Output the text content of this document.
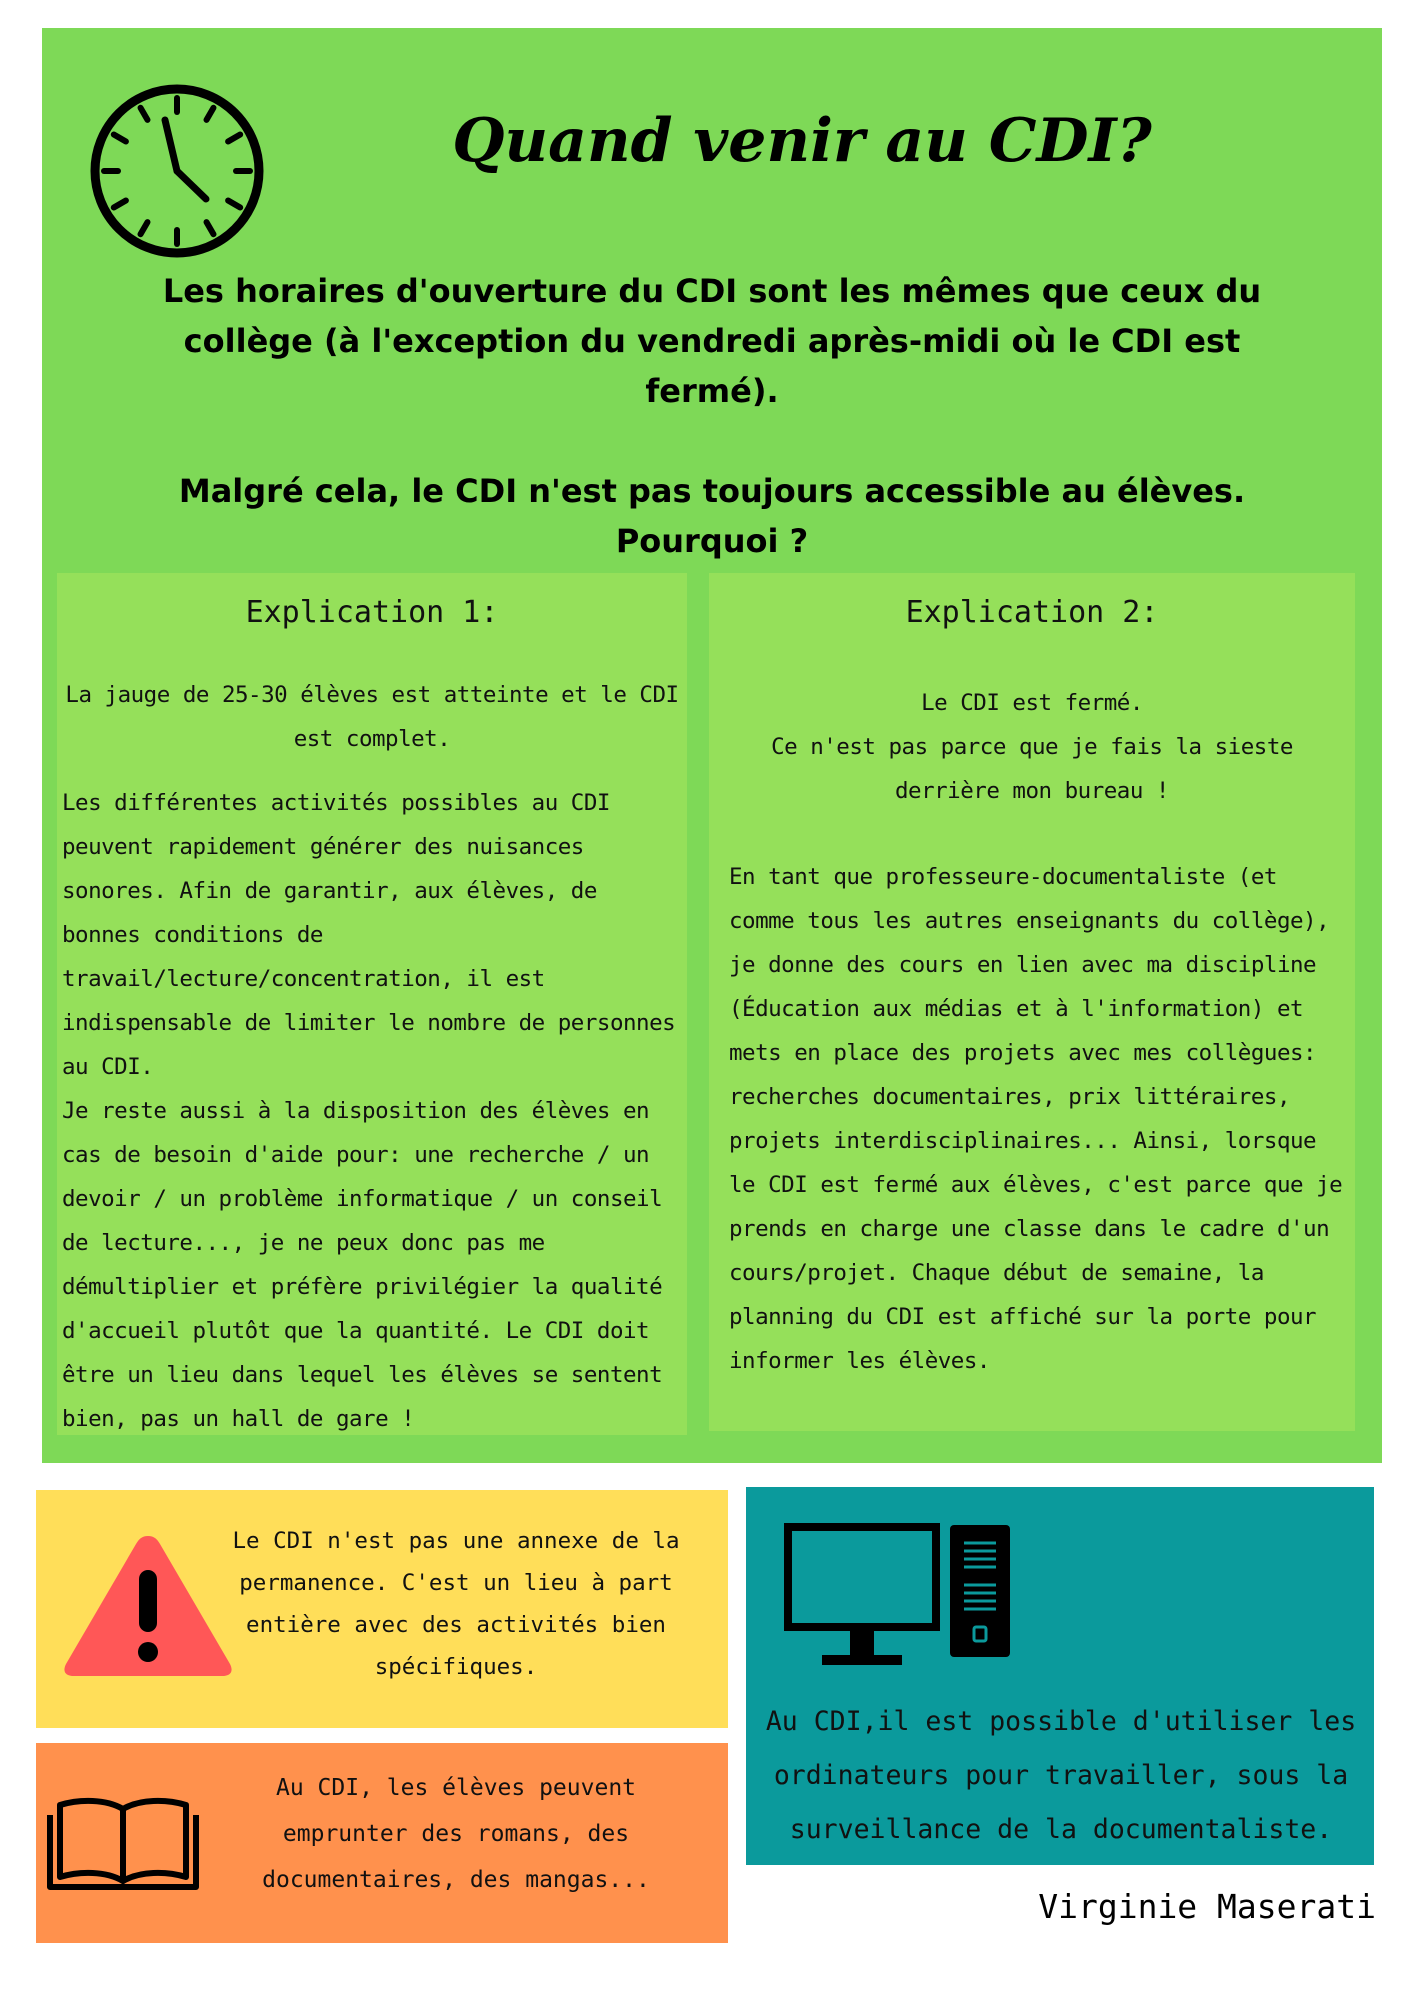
Quand venir au CDI?

Les horaires d'ouverture du CDI sont les mêmes que ceux du collège (à l'exception du vendredi après-midi où le CDI est fermé).

Malgré cela, le CDI n'est pas toujours accessible au élèves. Pourquoi ?

Explication 1:
La jauge de 25-30 élèves est atteinte et le CDI est complet.

Les différentes activités possibles au CDI peuvent rapidement générer des nuisances sonores. Afin de garantir, aux élèves, de bonnes conditions de travail/lecture/concentration, il est indispensable de limiter le nombre de personnes au CDI.

Je reste aussi à la disposition des élèves en cas de besoin d'aide pour: une recherche / un devoir / un problème informatique / un conseil de lecture..., je ne peux donc pas me démultiplier et préfère privilégier la qualité d'accueil plutôt que la quantité. Le CDI doit être un lieu dans lequel les élèves se sentent bien, pas un hall de gare !

Explication 2:

Le CDI est fermé.

Ce n'est pas parce que je fais la sieste derrière mon bureau !

En tant que professeure-documentaliste (et comme tous les autres enseignants du collège), je donne des cours en lien avec ma discipline (Éducation aux médias et à l'information) et mets en place des projets avec mes collègues: recherches documentaires, prix littéraires, projets interdisciplinaires... Ainsi, lorsque le CDI est fermé aux élèves, c'est parce que je prends en charge une classe dans le cadre d'un cours/projet. Chaque début de semaine, la planning du CDI est affiché sur la porte pour informer les élèves.

Le CDI n'est pas une annexe de la permanence. C'est un lieu à part entière avec des activités bien spécifiques.
Au CDI, les élèves peuvent emprunter des romans, des documentaires, des mangas...
Au CDI,il est possible d'utiliser les ordinateurs pour travailler, sous la surveillance de la documentaliste.
Virginie Maserati
